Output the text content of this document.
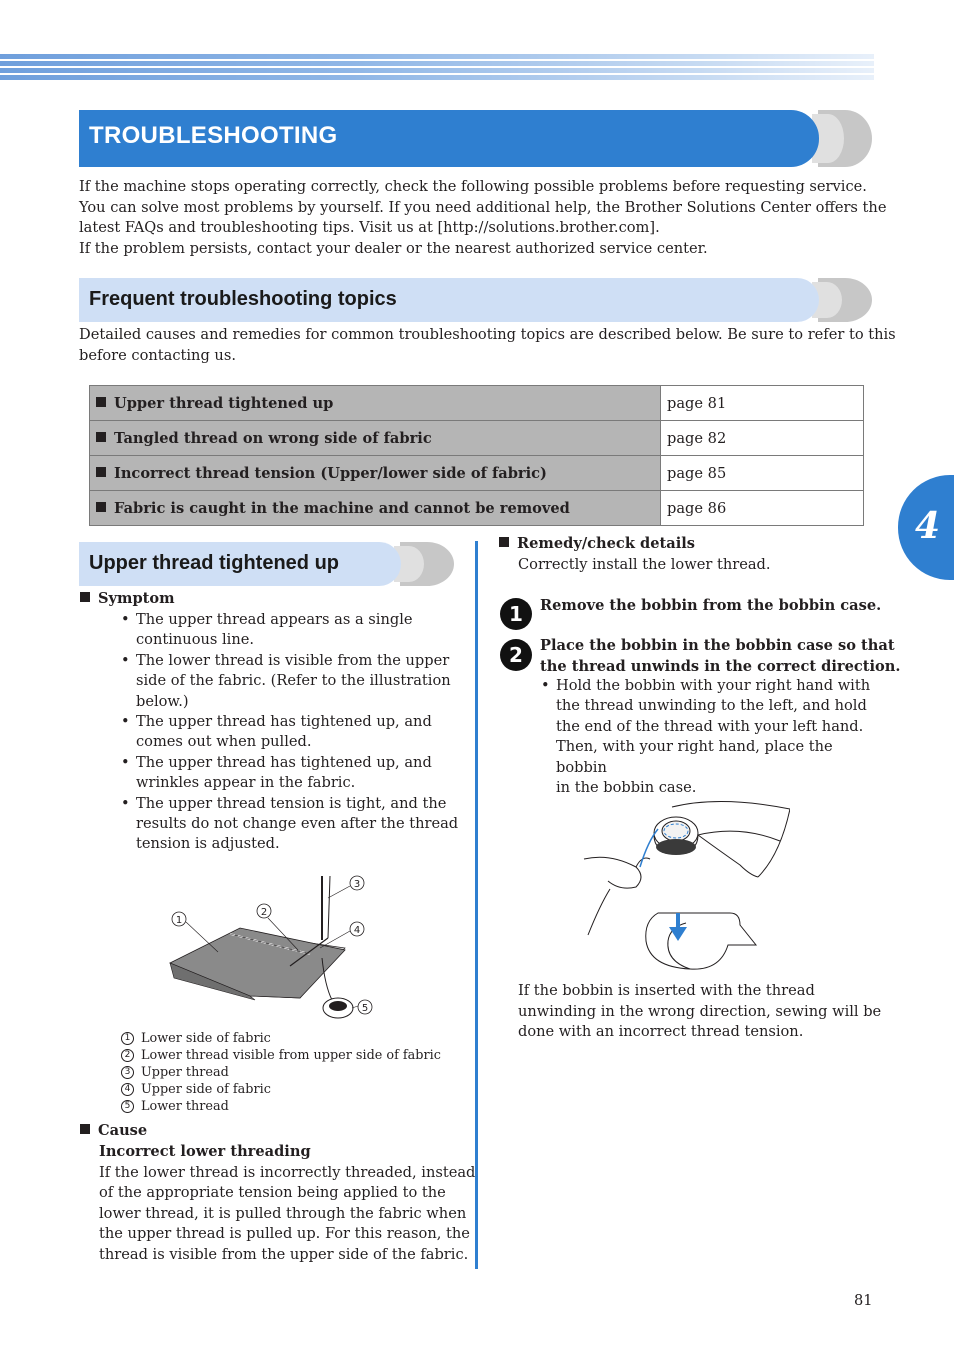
TROUBLESHOOTING
If the machine stops operating correctly, check the following possible problems before requesting service.
You can solve most problems by yourself. If you need additional help, the Brother Solutions Center offers the
latest FAQs and troubleshooting tips. Visit us at [http://solutions.brother.com].
If the problem persists, contact your dealer or the nearest authorized service center.
Frequent troubleshooting topics
Detailed causes and remedies for common troubleshooting topics are described below. Be sure to refer to this
before contacting us.
Upper thread tightened up	page 81
Tangled thread on wrong side of fabric	page 82
Incorrect thread tension (Upper/lower side of fabric)	page 85
Fabric is caught in the machine and cannot be removed	page 86
Upper thread tightened up
Symptom
• The upper thread appears as a single
continuous line.
• The lower thread is visible from the upper
side of the fabric. (Refer to the illustration
below.)
• The upper thread has tightened up, and
comes out when pulled.
• The upper thread has tightened up, and
wrinkles appear in the fabric.
• The upper thread tension is tight, and the
results do not change even after the thread
tension is adjusted.
1
2
3
4
5
1 Lower side of fabric
2 Lower thread visible from upper side of fabric
3 Upper thread
4 Upper side of fabric
5 Lower thread
Cause
Incorrect lower threading
If the lower thread is incorrectly threaded, instead
of the appropriate tension being applied to the
lower thread, it is pulled through the fabric when
the upper thread is pulled up. For this reason, the
thread is visible from the upper side of the fabric.
Remedy/check details
Correctly install the lower thread.
1	Remove the bobbin from the bobbin case.
2	Place the bobbin in the bobbin case so that
the thread unwinds in the correct direction.
• Hold the bobbin with your right hand with
the thread unwinding to the left, and hold
the end of the thread with your left hand.
Then, with your right hand, place the bobbin
in the bobbin case.
If the bobbin is inserted with the thread
unwinding in the wrong direction, sewing will be
done with an incorrect thread tension.
4
81
